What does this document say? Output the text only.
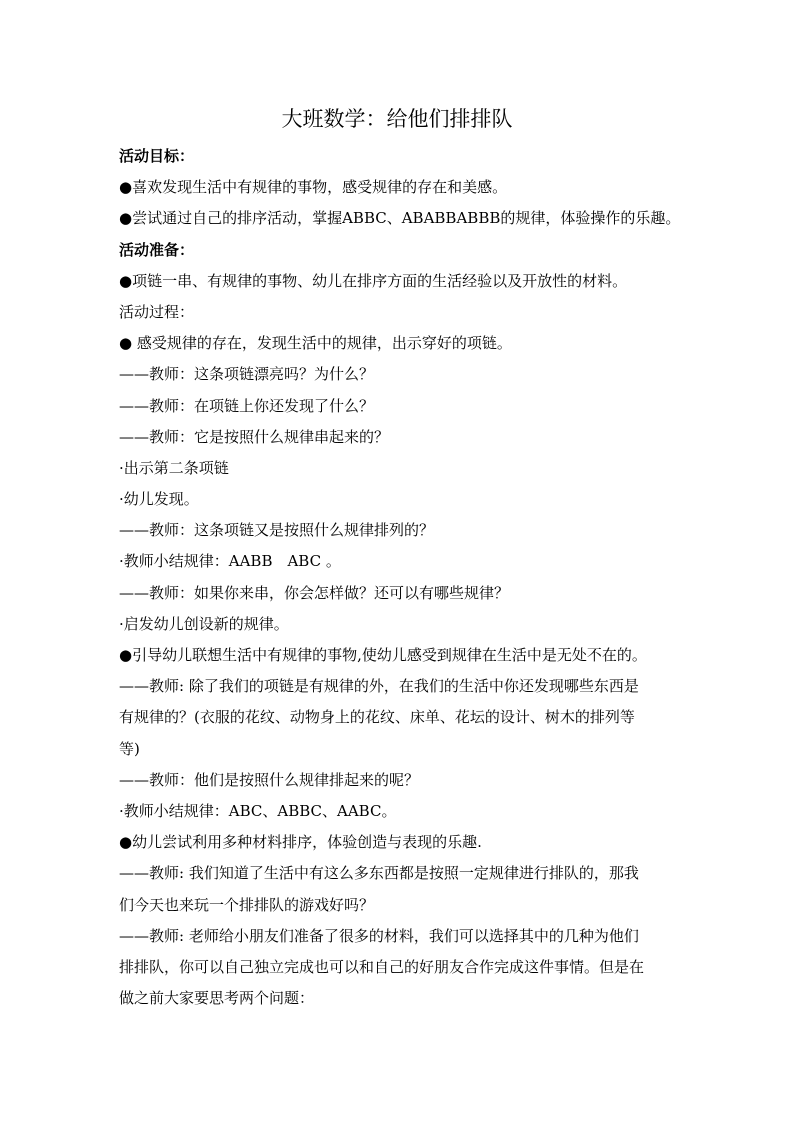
大班数学：给他们排排队
活动目标：
●喜欢发现生活中有规律的事物，感受规律的存在和美感。
●尝试通过自己的排序活动，掌握ABBC、ABABBABBB的规律，体验操作的乐趣。
活动准备：
●项链一串、有规律的事物、幼儿在排序方面的生活经验以及开放性的材料。
活动过程：
● 感受规律的存在，发现生活中的规律，出示穿好的项链。
——教师：这条项链漂亮吗？为什么？
——教师：在项链上你还发现了什么？
——教师：它是按照什么规律串起来的？
·出示第二条项链
·幼儿发现。
——教师：这条项链又是按照什么规律排列的？
·教师小结规律：AABB　ABC 。
——教师：如果你来串，你会怎样做？还可以有哪些规律？
·启发幼儿创设新的规律。
●引导幼儿联想生活中有规律的事物,使幼儿感受到规律在生活中是无处不在的。
——教师: 除了我们的项链是有规律的外，在我们的生活中你还发现哪些东西是
有规律的？(衣服的花纹、动物身上的花纹、床单、花坛的设计、树木的排列等
等)
——教师：他们是按照什么规律排起来的呢？
·教师小结规律：ABC、ABBC、AABC。
●幼儿尝试利用多种材料排序，体验创造与表现的乐趣.
——教师: 我们知道了生活中有这么多东西都是按照一定规律进行排队的，那我
们今天也来玩一个排排队的游戏好吗？
——教师: 老师给小朋友们准备了很多的材料，我们可以选择其中的几种为他们
排排队，你可以自己独立完成也可以和自己的好朋友合作完成这件事情。但是在
做之前大家要思考两个问题：
